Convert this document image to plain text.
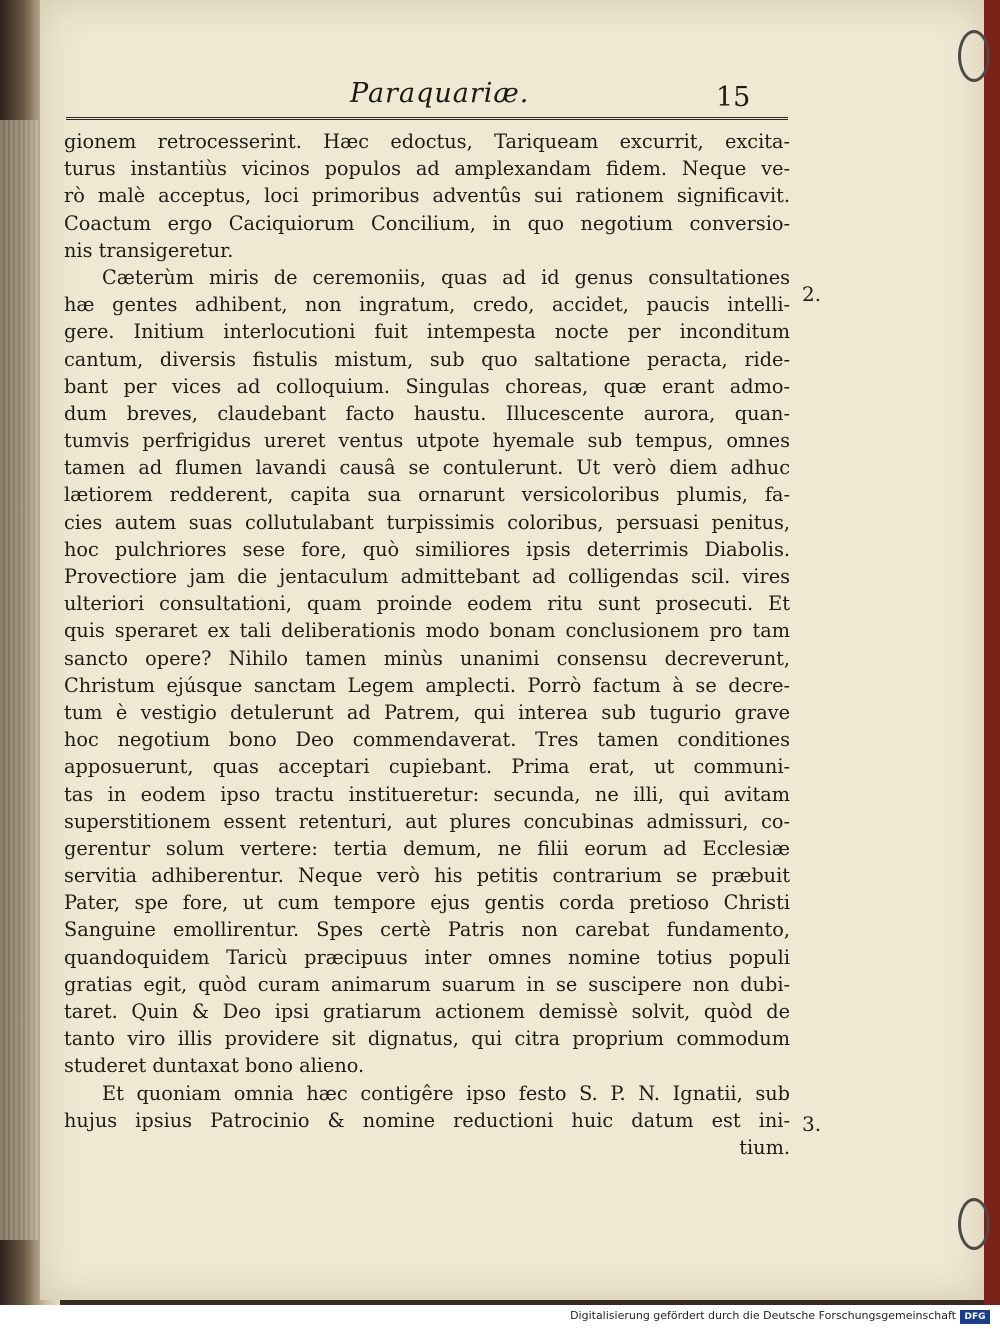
Paraquariæ.	15

gionem retrocesserint. Hæc edoctus, Tariqueam excurrit, excita-
turus instantiùs vicinos populos ad amplexandam fidem. Neque ve-
rò malè acceptus, loci primoribus adventûs sui rationem significavit.
Coactum ergo Caciquiorum Concilium, in quo negotium conversio-
nis transigeretur.
Cæterùm miris de ceremoniis, quas ad id genus consultationes
hæ gentes adhibent, non ingratum, credo, accidet, paucis intelli-
gere. Initium interlocutioni fuit intempesta nocte per inconditum
cantum, diversis fistulis mistum, sub quo saltatione peracta, ride-
bant per vices ad colloquium. Singulas choreas, quæ erant admo-
dum breves, claudebant facto haustu. Illucescente aurora, quan-
tumvis perfrigidus ureret ventus utpote hyemale sub tempus, omnes
tamen ad flumen lavandi causâ se contulerunt. Ut verò diem adhuc
lætiorem redderent, capita sua ornarunt versicoloribus plumis, fa-
cies autem suas collutulabant turpissimis coloribus, persuasi penitus,
hoc pulchriores sese fore, quò similiores ipsis deterrimis Diabolis.
Provectiore jam die jentaculum admittebant ad colligendas scil. vires
ulteriori consultationi, quam proinde eodem ritu sunt prosecuti. Et
quis speraret ex tali deliberationis modo bonam conclusionem pro tam
sancto opere? Nihilo tamen minùs unanimi consensu decreverunt,
Christum ejúsque sanctam Legem amplecti. Porrò factum à se decre-
tum è vestigio detulerunt ad Patrem, qui interea sub tugurio grave
hoc negotium bono Deo commendaverat. Tres tamen conditiones
apposuerunt, quas acceptari cupiebant. Prima erat, ut communi-
tas in eodem ipso tractu institueretur: secunda, ne illi, qui avitam
superstitionem essent retenturi, aut plures concubinas admissuri, co-
gerentur solum vertere: tertia demum, ne filii eorum ad Ecclesiæ
servitia adhiberentur. Neque verò his petitis contrarium se præbuit
Pater, spe fore, ut cum tempore ejus gentis corda pretioso Christi
Sanguine emollirentur. Spes certè Patris non carebat fundamento,
quandoquidem Taricù præcipuus inter omnes nomine totius populi
gratias egit, quòd curam animarum suarum in se suscipere non dubi-
taret. Quin & Deo ipsi gratiarum actionem demissè solvit, quòd de
tanto viro illis providere sit dignatus, qui citra proprium commodum
studeret duntaxat bono alieno.
Et quoniam omnia hæc contigêre ipso festo S. P. N. Ignatii, sub
hujus ipsius Patrocinio & nomine reductioni huic datum est ini-
tium.
2.
3.

Digitalisierung gefördert durch die Deutsche Forschungsgemeinschaft DFG
